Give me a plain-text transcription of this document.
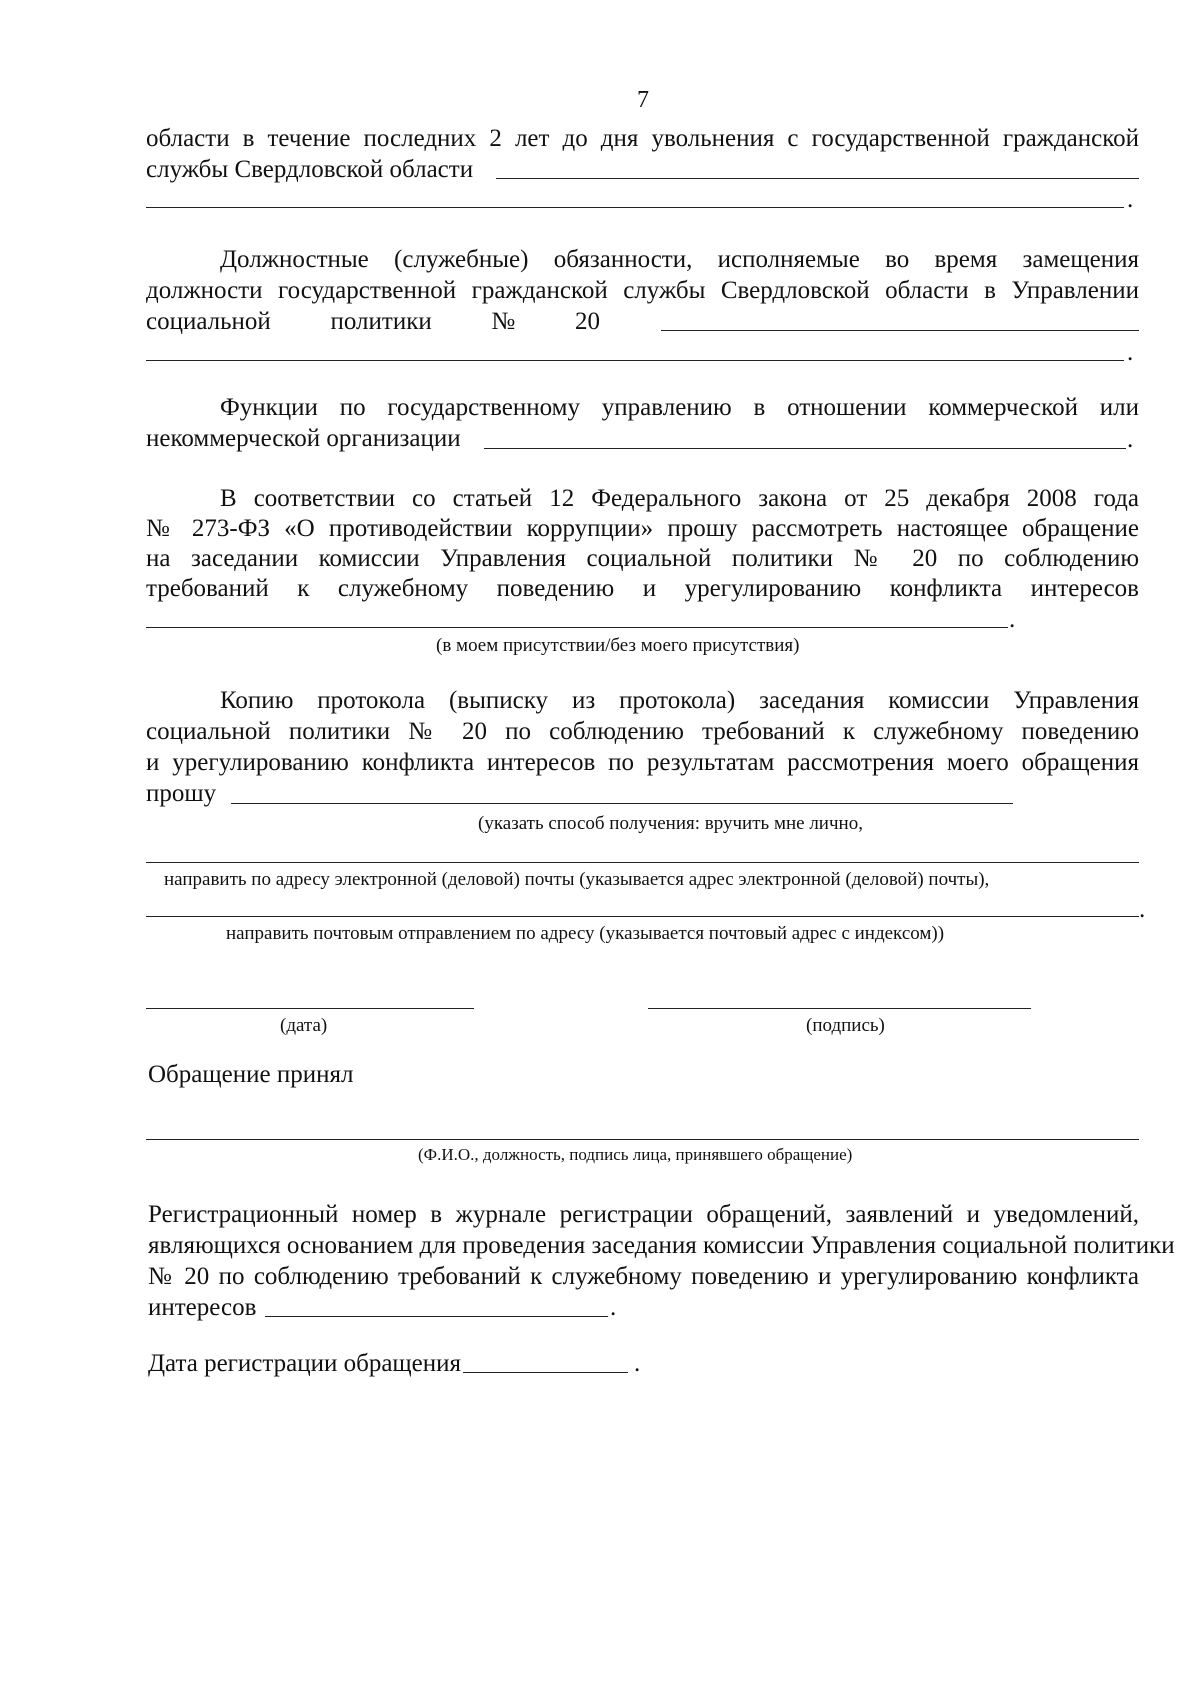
7
области в течение последних 2 лет до дня увольнения с государственной гражданской
службы Свердловской области
.
Должностные (служебные) обязанности, исполняемые во время замещения
должности государственной гражданской службы Свердловской области в Управлении
социальной политики № 20
.
Функции по государственному управлению в отношении коммерческой или
некоммерческой организации	.
В соответствии со статьей 12 Федерального закона от 25 декабря 2008 года
№ 273-ФЗ «О противодействии коррупции» прошу рассмотреть настоящее обращение
на заседании комиссии Управления социальной политики № 20 по соблюдению
требований к служебному поведению и урегулированию конфликта интересов
.
(в моем присутствии/без моего присутствия)
Копию протокола (выписку из протокола) заседания комиссии Управления
социальной политики № 20 по соблюдению требований к служебному поведению
и урегулированию конфликта интересов по результатам рассмотрения моего обращения
прошу
(указать способ получения: вручить мне лично,
направить по адресу электронной (деловой) почты (указывается адрес электронной (деловой) почты),
.
направить почтовым отправлением по адресу (указывается почтовый адрес с индексом))
(дата)	(подпись)
Обращение принял
(Ф.И.О., должность, подпись лица, принявшего обращение)
Регистрационный номер в журнале регистрации обращений, заявлений и уведомлений,
являющихся основанием для проведения заседания комиссии Управления социальной политики
№ 20 по соблюдению требований к служебному поведению и урегулированию конфликта
интересов	.
Дата регистрации обращения	.
